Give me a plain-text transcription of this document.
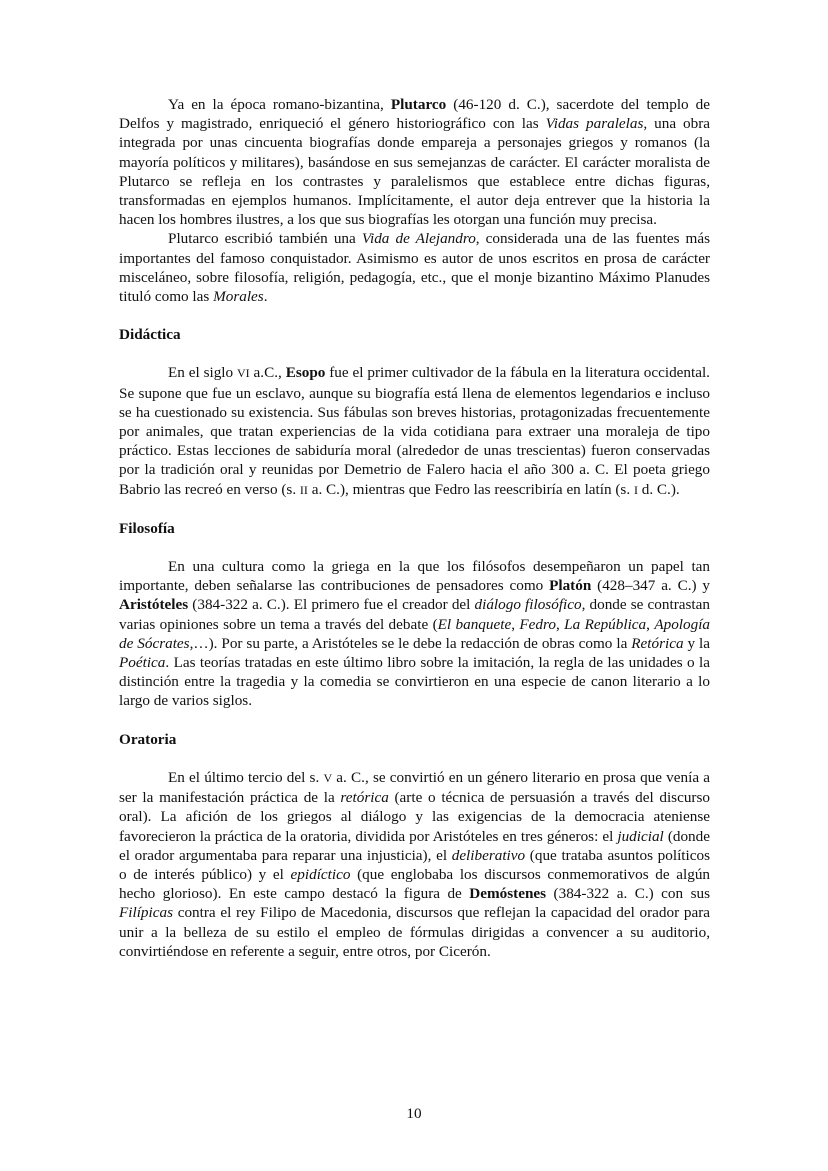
Ya en la época romano-bizantina, Plutarco (46-120 d. C.), sacerdote del templo de Delfos y magistrado, enriqueció el género historiográfico con las Vidas paralelas, una obra integrada por unas cincuenta biografías donde empareja a personajes griegos y romanos (la mayoría políticos y militares), basándose en sus semejanzas de carácter. El carácter moralista de Plutarco se refleja en los contrastes y paralelismos que establece entre dichas figuras, transformadas en ejemplos humanos. Implícitamente, el autor deja entrever que la historia la hacen los hombres ilustres, a los que sus biografías les otorgan una función muy precisa.

Plutarco escribió también una Vida de Alejandro, considerada una de las fuentes más importantes del famoso conquistador. Asimismo es autor de unos escritos en prosa de carácter misceláneo, sobre filosofía, religión, pedagogía, etc., que el monje bizantino Máximo Planudes tituló como las Morales.

Didáctica

En el siglo VI a.C., Esopo fue el primer cultivador de la fábula en la literatura occidental. Se supone que fue un esclavo, aunque su biografía está llena de elementos legendarios e incluso se ha cuestionado su existencia. Sus fábulas son breves historias, protagonizadas frecuentemente por animales, que tratan experiencias de la vida cotidiana para extraer una moraleja de tipo práctico. Estas lecciones de sabiduría moral (alrededor de unas trescientas) fueron conservadas por la tradición oral y reunidas por Demetrio de Falero hacia el año 300 a. C. El poeta griego Babrio las recreó en verso (s. II a. C.), mientras que Fedro las reescribiría en latín (s. I d. C.).

Filosofía

En una cultura como la griega en la que los filósofos desempeñaron un papel tan importante, deben señalarse las contribuciones de pensadores como Platón (428–347 a. C.) y Aristóteles (384-322 a. C.). El primero fue el creador del diálogo filosófico, donde se contrastan varias opiniones sobre un tema a través del debate (El banquete, Fedro, La República, Apología de Sócrates,…). Por su parte, a Aristóteles se le debe la redacción de obras como la Retórica y la Poética. Las teorías tratadas en este último libro sobre la imitación, la regla de las unidades o la distinción entre la tragedia y la comedia se convirtieron en una especie de canon literario a lo largo de varios siglos.

Oratoria

En el último tercio del s. V a. C., se convirtió en un género literario en prosa que venía a ser la manifestación práctica de la retórica (arte o técnica de persuasión a través del discurso oral). La afición de los griegos al diálogo y las exigencias de la democracia ateniense favorecieron la práctica de la oratoria, dividida por Aristóteles en tres géneros: el judicial (donde el orador argumentaba para reparar una injusticia), el deliberativo (que trataba asuntos políticos o de interés público) y el epidíctico (que englobaba los discursos conmemorativos de algún hecho glorioso). En este campo destacó la figura de Demóstenes (384-322 a. C.) con sus Filípicas contra el rey Filipo de Macedonia, discursos que reflejan la capacidad del orador para unir a la belleza de su estilo el empleo de fórmulas dirigidas a convencer a su auditorio, convirtiéndose en referente a seguir, entre otros, por Cicerón.

10
